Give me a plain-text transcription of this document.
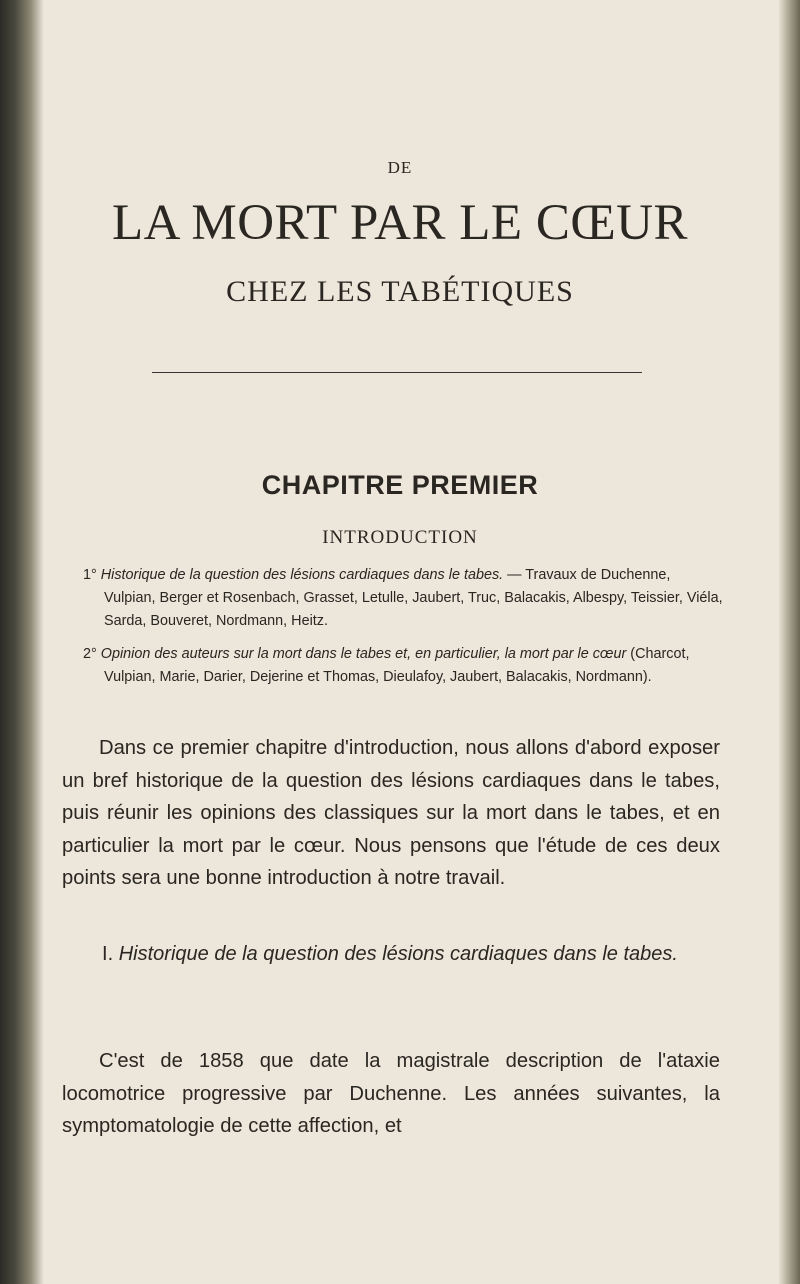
DE
LA MORT PAR LE CŒUR
CHEZ LES TABÉTIQUES
CHAPITRE PREMIER
INTRODUCTION
1° Historique de la question des lésions cardiaques dans le tabes. — Travaux de Duchenne, Vulpian, Berger et Rosenbach, Grasset, Letulle, Jaubert, Truc, Balacakis, Albespy, Teissier, Viéla, Sarda, Bouveret, Nordmann, Heitz.
2° Opinion des auteurs sur la mort dans le tabes et, en particulier, la mort par le cœur (Charcot, Vulpian, Marie, Darier, Dejerine et Thomas, Dieulafoy, Jaubert, Balacakis, Nordmann).
Dans ce premier chapitre d'introduction, nous allons d'abord exposer un bref historique de la question des lésions cardiaques dans le tabes, puis réunir les opinions des classiques sur la mort dans le tabes, et en particulier la mort par le cœur. Nous pensons que l'étude de ces deux points sera une bonne introduction à notre travail.
I. Historique de la question des lésions cardiaques dans le tabes.
C'est de 1858 que date la magistrale description de l'ataxie locomotrice progressive par Duchenne. Les années suivantes, la symptomatologie de cette affection, et
